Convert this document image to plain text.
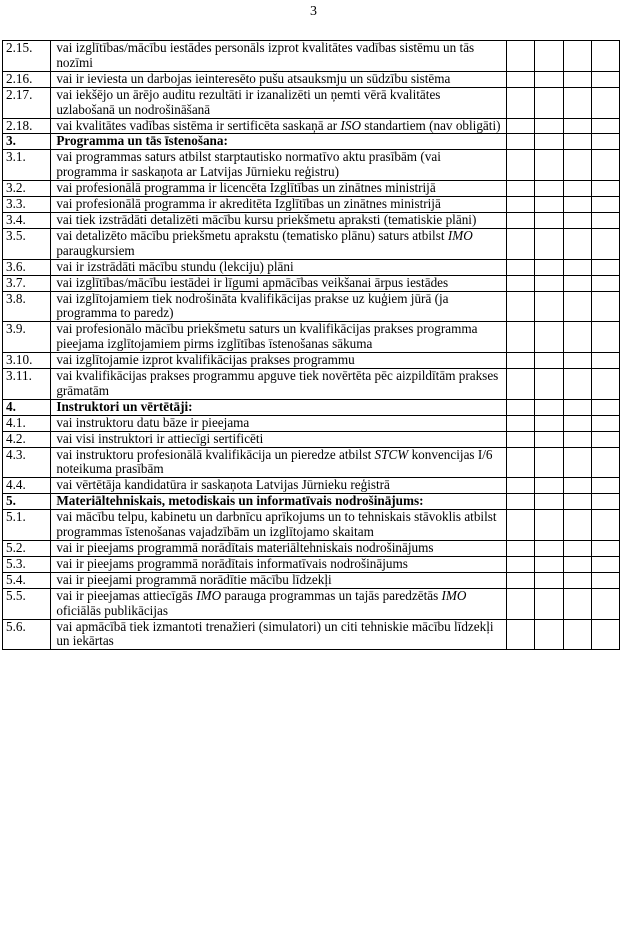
3
2.15.	vai izglītības/mācību iestādes personāls izprot kvalitātes vadības sistēmu un tās nozīmi				
2.16.	vai ir ieviesta un darbojas ieinteresēto pušu atsauksmju un sūdzību sistēma				
2.17.	vai iekšējo un ārējo auditu rezultāti ir izanalizēti un ņemti vērā kvalitātes uzlabošanā un nodrošināšanā				
2.18.	vai kvalitātes vadības sistēma ir sertificēta saskaņā ar ISO standartiem (nav obligāti)				
3.	Programma un tās īstenošana:				
3.1.	vai programmas saturs atbilst starptautisko normatīvo aktu prasībām (vai programma ir saskaņota ar Latvijas Jūrnieku reģistru)				
3.2.	vai profesionālā programma ir licencēta Izglītības un zinātnes ministrijā				
3.3.	vai profesionālā programma ir akreditēta Izglītības un zinātnes ministrijā				
3.4.	vai tiek izstrādāti detalizēti mācību kursu priekšmetu apraksti (tematiskie plāni)				
3.5.	vai detalizēto mācību priekšmetu aprakstu (tematisko plānu) saturs atbilst IMO paraugkursiem				
3.6.	vai ir izstrādāti mācību stundu (lekciju) plāni				
3.7.	vai izglītības/mācību iestādei ir līgumi apmācības veikšanai ārpus iestādes				
3.8.	vai izglītojamiem tiek nodrošināta kvalifikācijas prakse uz kuģiem jūrā (ja programma to paredz)				
3.9.	vai profesionālo mācību priekšmetu saturs un kvalifikācijas prakses programma pieejama izglītojamiem pirms izglītības īstenošanas sākuma				
3.10.	vai izglītojamie izprot kvalifikācijas prakses programmu				
3.11.	vai kvalifikācijas prakses programmu apguve tiek novērtēta pēc aizpildītām prakses grāmatām				
4.	Instruktori un vērtētāji:				
4.1.	vai instruktoru datu bāze ir pieejama				
4.2.	vai visi instruktori ir attiecīgi sertificēti				
4.3.	vai instruktoru profesionālā kvalifikācija un pieredze atbilst STCW konvencijas I/6 noteikuma prasībām				
4.4.	vai vērtētāja kandidatūra ir saskaņota Latvijas Jūrnieku reģistrā				
5.	Materiāltehniskais, metodiskais un informatīvais nodrošinājums:				
5.1.	vai mācību telpu, kabinetu un darbnīcu aprīkojums un to tehniskais stāvoklis atbilst programmas īstenošanas vajadzībām un izglītojamo skaitam				
5.2.	vai ir pieejams programmā norādītais materiāltehniskais nodrošinājums				
5.3.	vai ir pieejams programmā norādītais informatīvais nodrošinājums				
5.4.	vai ir pieejami programmā norādītie mācību līdzekļi				
5.5.	vai ir pieejamas attiecīgās IMO parauga programmas un tajās paredzētās IMO oficiālās publikācijas				
5.6.	vai apmācībā tiek izmantoti trenažieri (simulatori) un citi tehniskie mācību līdzekļi un iekārtas				
